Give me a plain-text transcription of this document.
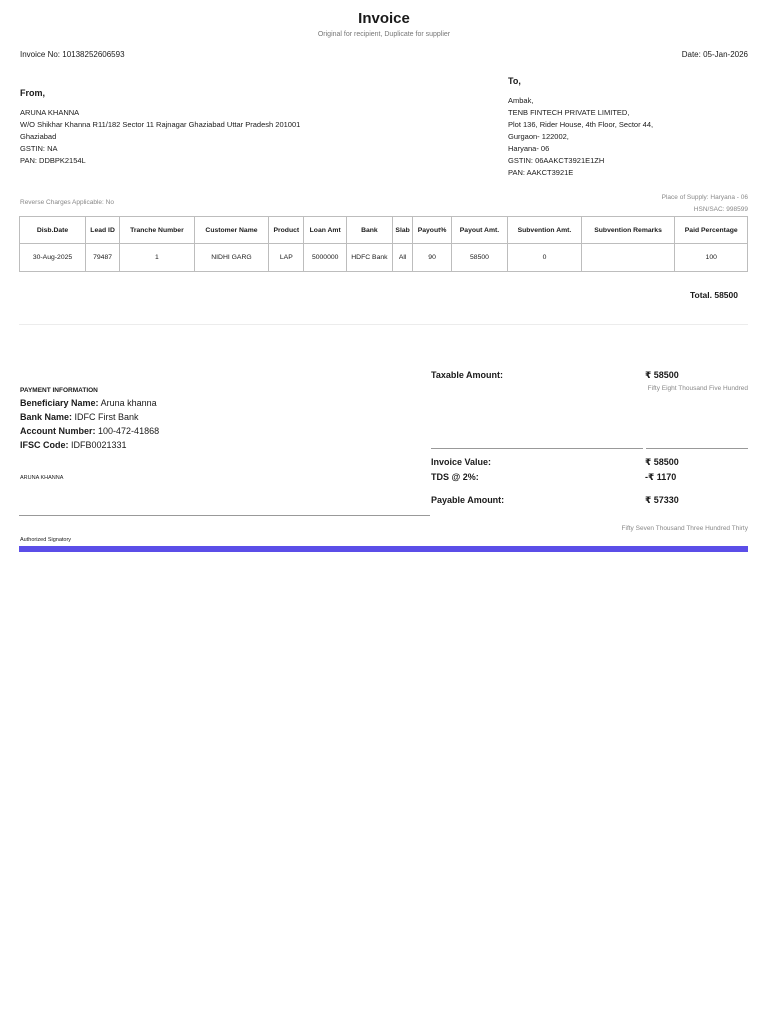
Invoice
Original for recipient, Duplicate for supplier
Invoice No: 10138252606593	Date: 05-Jan-2026
From,
ARUNA KHANNA
W/O Shikhar Khanna R11/182 Sector 11 Rajnagar Ghaziabad Uttar Pradesh 201001
Ghaziabad
GSTIN: NA
PAN: DDBPK2154L
To,
Ambak,
TENB FINTECH PRIVATE LIMITED,
Plot 136, Rider House, 4th Floor, Sector 44,
Gurgaon- 122002,
Haryana- 06
GSTIN: 06AAKCT3921E1ZH
PAN: AAKCT3921E
Reverse Charges Applicable: No
Place of Supply: Haryana - 06
HSN/SAC: 998599
Disb.Date	Lead ID	Tranche Number	Customer Name	Product	Loan Amt	Bank	Slab	Payout%	Payout Amt.	Subvention Amt.	Subvention Remarks	Paid Percentage
30-Aug-2025	79487	1	NIDHI GARG	LAP	5000000	HDFC Bank	All	90	58500	0		100
Total. 58500
PAYMENT INFORMATION
Beneficiary Name: Aruna khanna
Bank Name: IDFC First Bank
Account Number: 100-472-41868
IFSC Code: IDFB0021331
ARUNA KHANNA
Authorized Signatory
Taxable Amount:	₹ 58500
Fifty Eight Thousand Five Hundred
Invoice Value:	₹ 58500
TDS @ 2%:	-₹ 1170
Payable Amount:	₹ 57330
Fifty Seven Thousand Three Hundred Thirty
